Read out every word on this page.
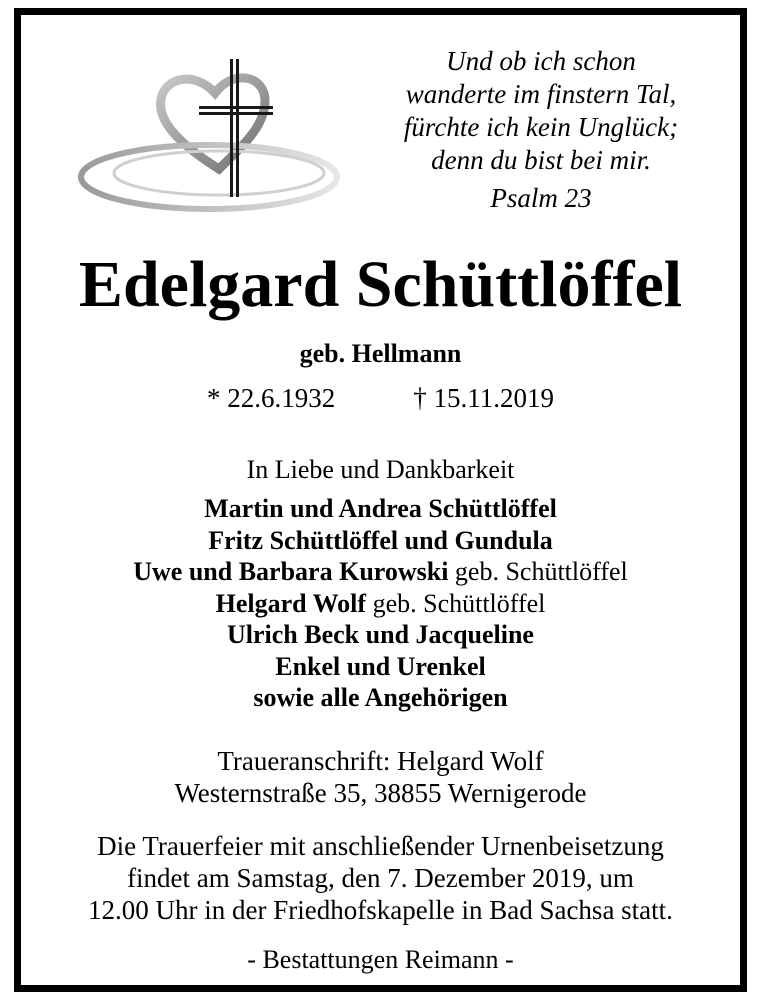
Und ob ich schon
wanderte im finstern Tal,
fürchte ich kein Unglück;
denn du bist bei mir.
Psalm 23
Edelgard Schüttlöffel
geb. Hellmann
* 22.6.1932	† 15.11.2019
In Liebe und Dankbarkeit
Martin und Andrea Schüttlöffel
Fritz Schüttlöffel und Gundula
Uwe und Barbara Kurowski geb. Schüttlöffel
Helgard Wolf geb. Schüttlöffel
Ulrich Beck und Jacqueline
Enkel und Urenkel
sowie alle Angehörigen
Traueranschrift: Helgard Wolf
Westernstraße 35, 38855 Wernigerode
Die Trauerfeier mit anschließender Urnenbeisetzung
findet am Samstag, den 7. Dezember 2019, um
12.00 Uhr in der Friedhofskapelle in Bad Sachsa statt.
- Bestattungen Reimann -
